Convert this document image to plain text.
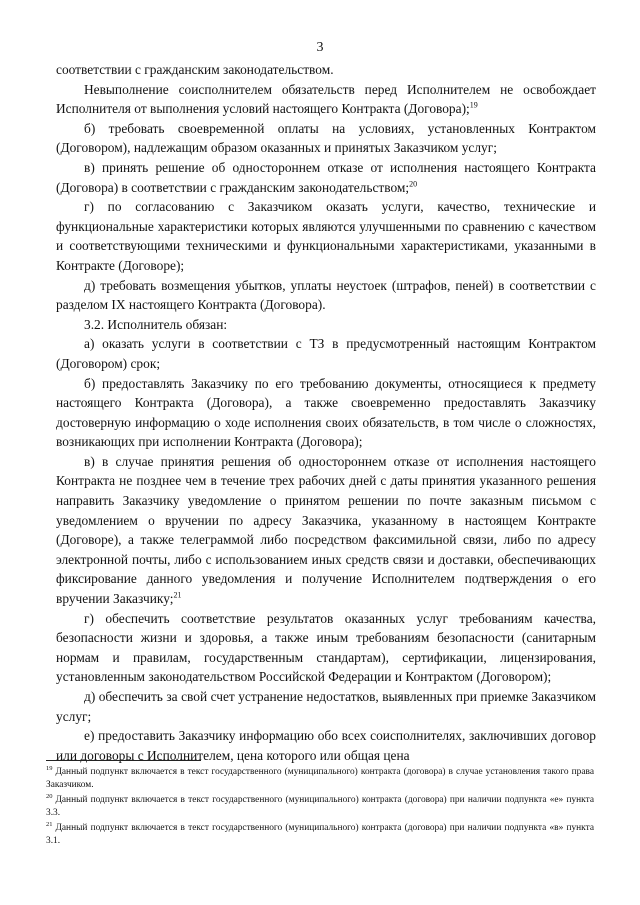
3

соответствии с гражданским законодательством.

Невыполнение соисполнителем обязательств перед Исполнителем не освобождает Исполнителя от выполнения условий настоящего Контракта (Договора);$^{19}$

б) требовать своевременной оплаты на условиях, установленных Контрактом (Договором), надлежащим образом оказанных и принятых Заказчиком услуг;

в) принять решение об одностороннем отказе от исполнения настоящего Контракта (Договора) в соответствии с гражданским законодательством;$^{20}$

г) по согласованию с Заказчиком оказать услуги, качество, технические и функциональные характеристики которых являются улучшенными по сравнению с качеством и соответствующими техническими и функциональными характеристиками, указанными в Контракте (Договоре);

д) требовать возмещения убытков, уплаты неустоек (штрафов, пеней) в соответствии с разделом IX настоящего Контракта (Договора).

3.2. Исполнитель обязан:

а) оказать услуги в соответствии с ТЗ в предусмотренный настоящим Контрактом (Договором) срок;

б) предоставлять Заказчику по его требованию документы, относящиеся к предмету настоящего Контракта (Договора), а также своевременно предоставлять Заказчику достоверную информацию о ходе исполнения своих обязательств, в том числе о сложностях, возникающих при исполнении Контракта (Договора);

в) в случае принятия решения об одностороннем отказе от исполнения настоящего Контракта не позднее чем в течение трех рабочих дней с даты принятия указанного решения направить Заказчику уведомление о принятом решении по почте заказным письмом с уведомлением о вручении по адресу Заказчика, указанному в настоящем Контракте (Договоре), а также телеграммой либо посредством факсимильной связи, либо по адресу электронной почты, либо с использованием иных средств связи и доставки, обеспечивающих фиксирование данного уведомления и получение Исполнителем подтверждения о его вручении Заказчику;$^{21}$

г) обеспечить соответствие результатов оказанных услуг требованиям качества, безопасности жизни и здоровья, а также иным требованиям безопасности (санитарным нормам и правилам, государственным стандартам), сертификации, лицензирования, установленным законодательством Российской Федерации и Контрактом (Договором);

д) обеспечить за свой счет устранение недостатков, выявленных при приемке Заказчиком услуг;

е) предоставить Заказчику информацию обо всех соисполнителях, заключивших договор или договоры с Исполнителем, цена которого или общая цена

$^{19}$ Данный подпункт включается в текст государственного (муниципального) контракта (договора) в случае установления такого права Заказчиком.

$^{20}$ Данный подпункт включается в текст государственного (муниципального) контракта (договора) при наличии подпункта «е» пункта 3.3.

$^{21}$ Данный подпункт включается в текст государственного (муниципального) контракта (договора) при наличии подпункта «в» пункта 3.1.
